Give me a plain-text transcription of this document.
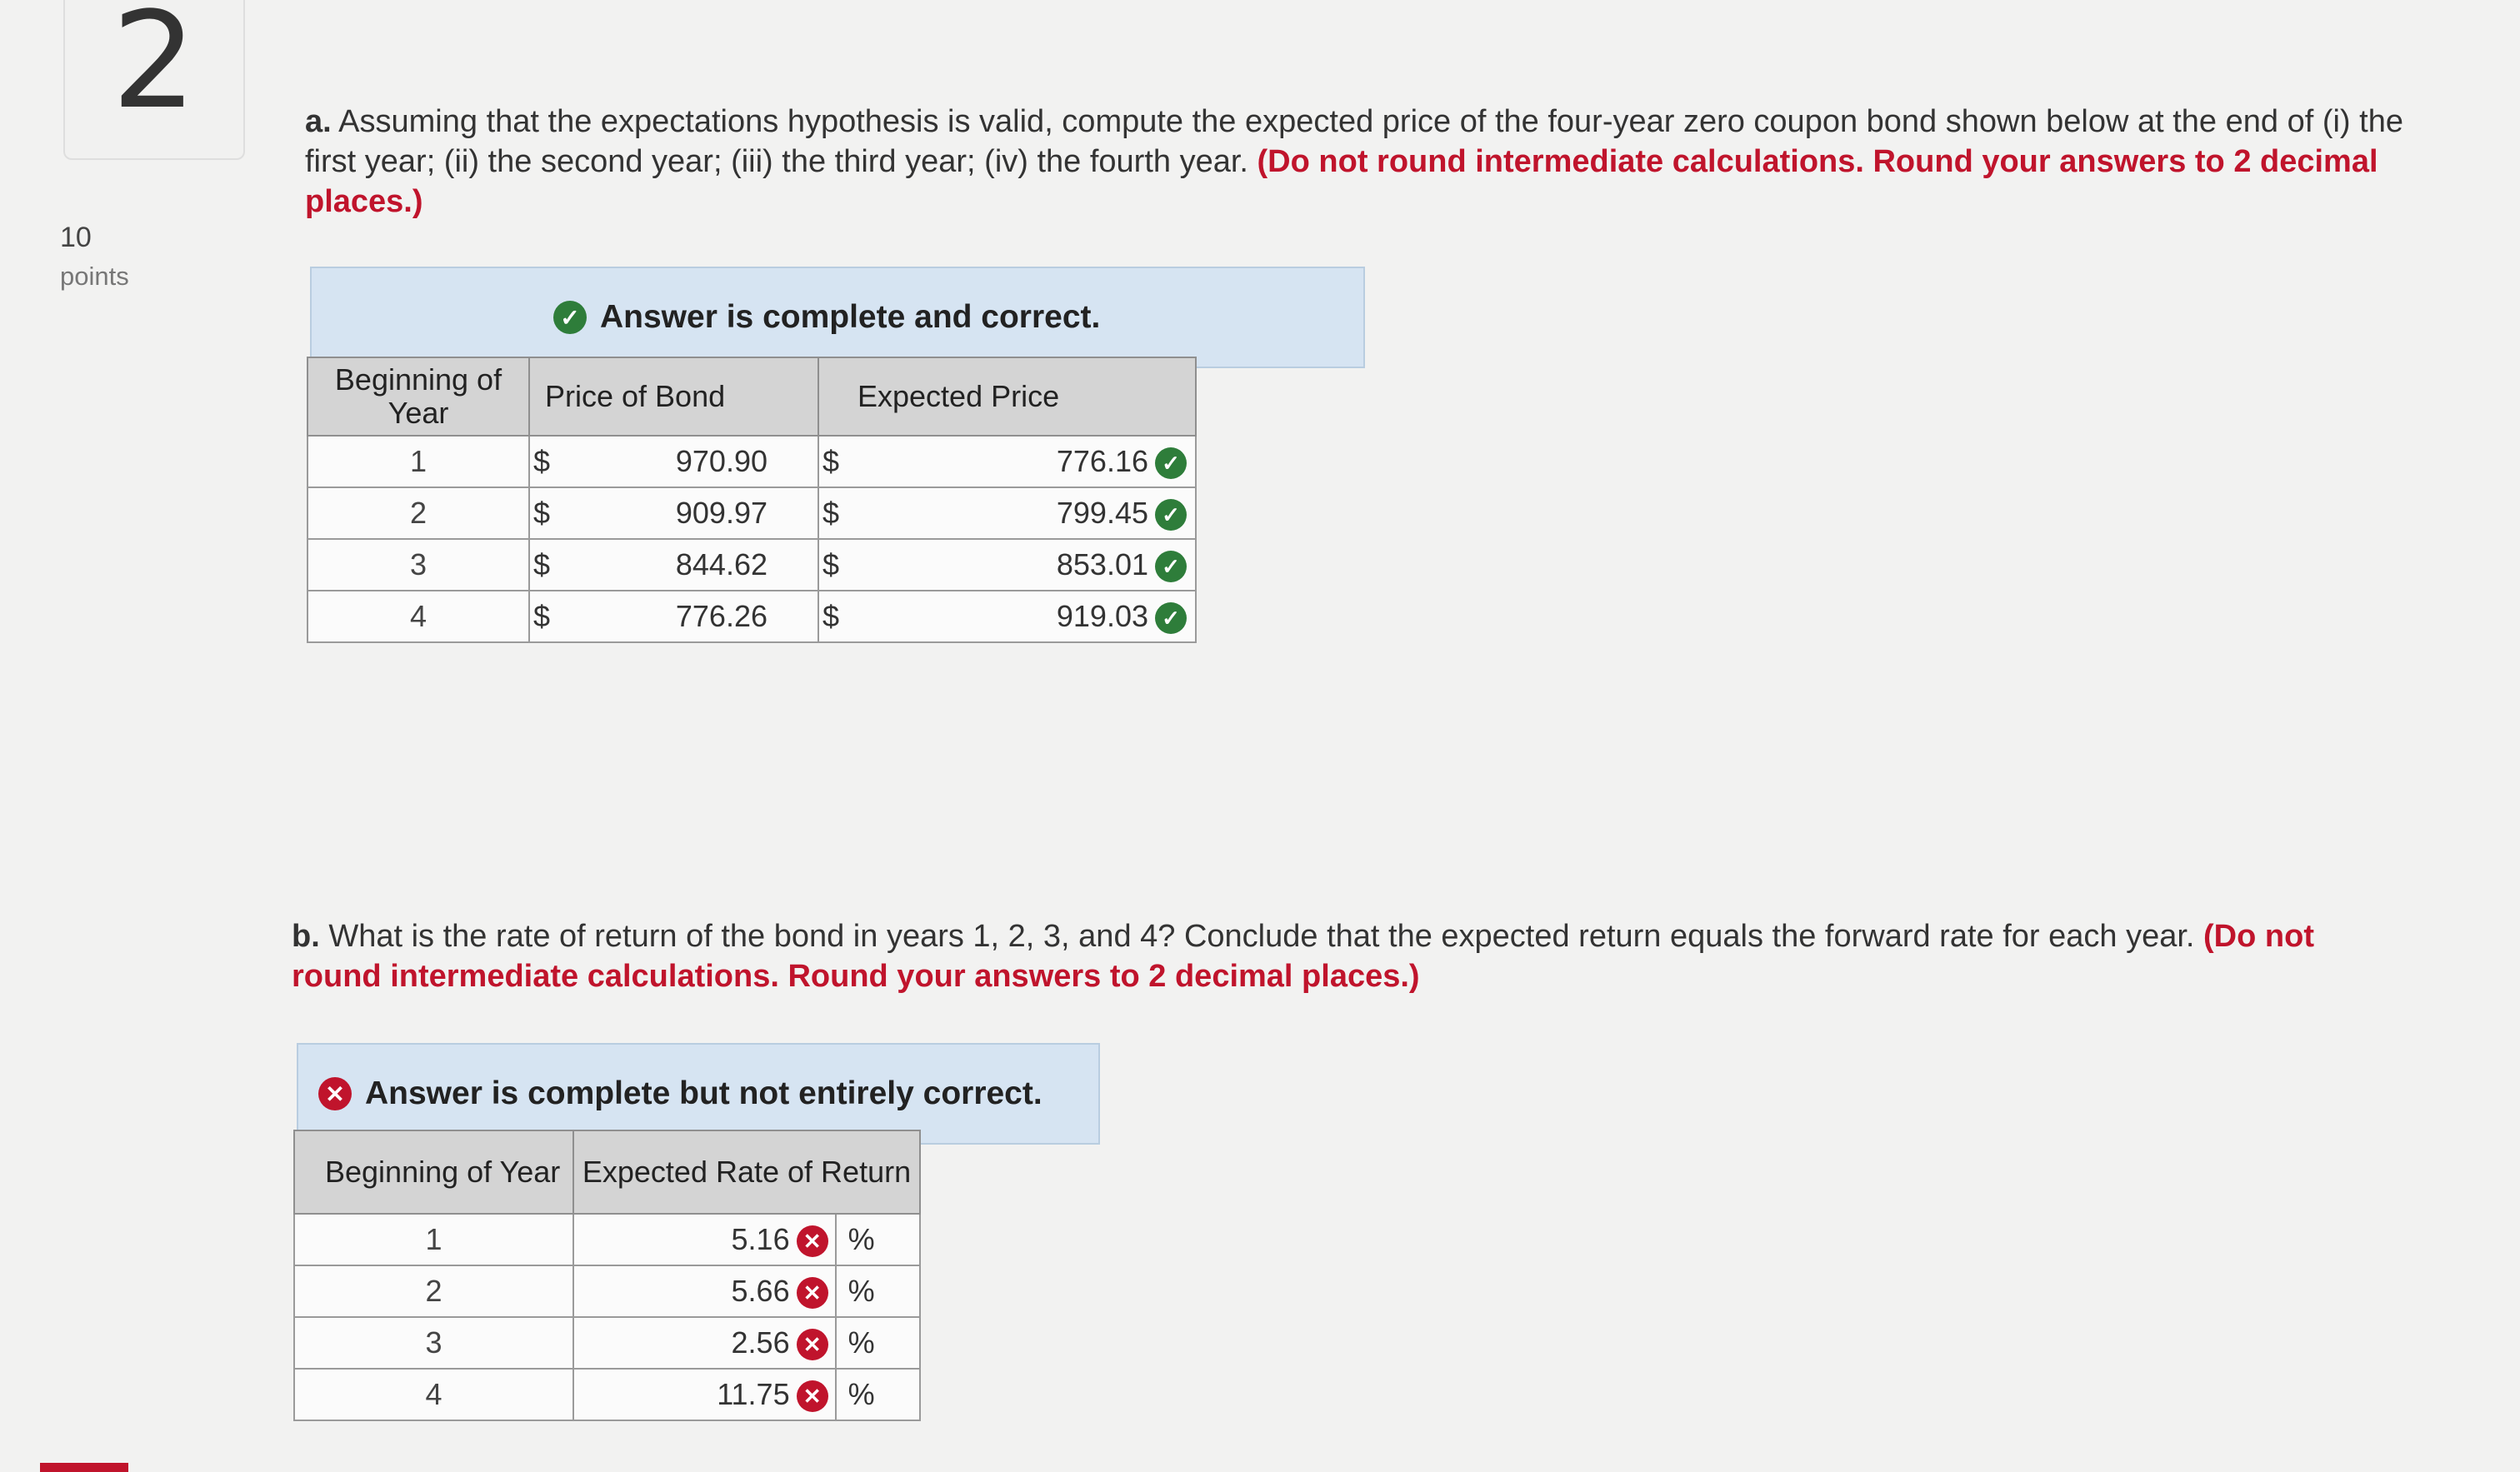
2
10
points
a. Assuming that the expectations hypothesis is valid, compute the expected price of the four-year zero coupon bond shown below at the end of (i) the first year; (ii) the second year; (iii) the third year; (iv) the fourth year. (Do not round intermediate calculations. Round your answers to 2 decimal places.)
✓ Answer is complete and correct.
Beginning of Year	Price of Bond		Expected Price	
1	$	970.90	$	776.16 ✓
2	$	909.97	$	799.45 ✓
3	$	844.62	$	853.01 ✓
4	$	776.26	$	919.03 ✓
b. What is the rate of return of the bond in years 1, 2, 3, and 4? Conclude that the expected return equals the forward rate for each year. (Do not round intermediate calculations. Round your answers to 2 decimal places.)
✕ Answer is complete but not entirely correct.
Beginning of Year	Expected Rate of Return	
1	5.16 ✕	%
2	5.66 ✕	%
3	2.56 ✕	%
4	11.75 ✕	%
